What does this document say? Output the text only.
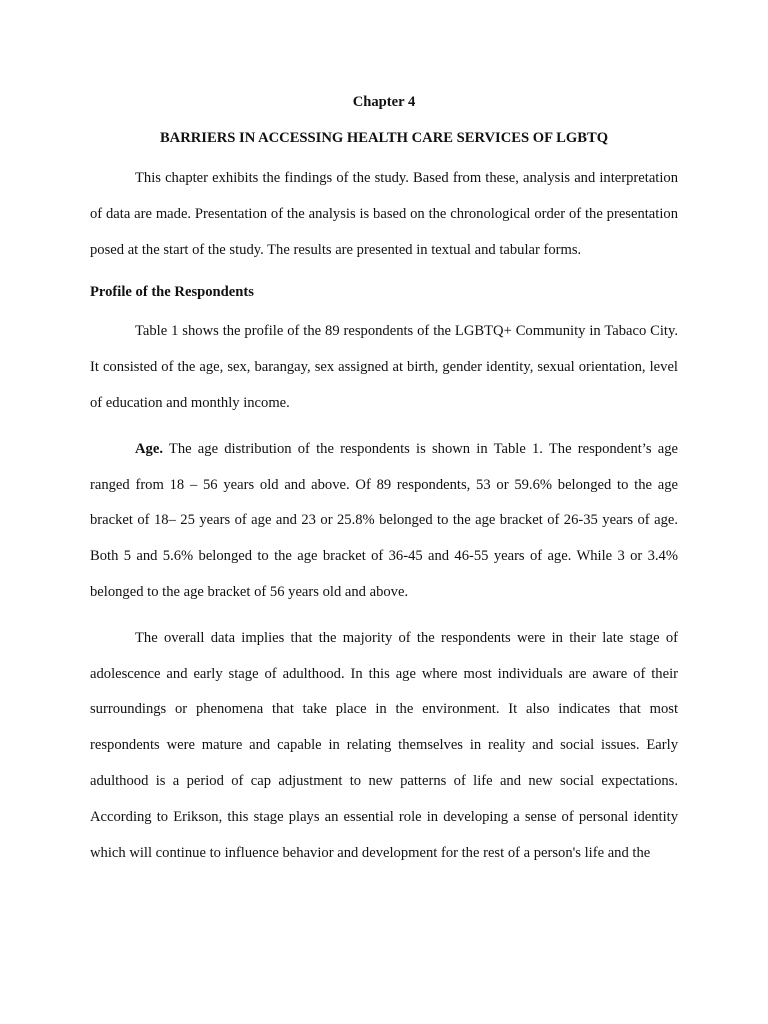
Chapter 4
BARRIERS IN ACCESSING HEALTH CARE SERVICES OF LGBTQ

This chapter exhibits the findings of the study. Based from these, analysis and interpretation of data are made. Presentation of the analysis is based on the chronological order of the presentation posed at the start of the study. The results are presented in textual and tabular forms.

Profile of the Respondents

Table 1 shows the profile of the 89 respondents of the LGBTQ+ Community in Tabaco City. It consisted of the age, sex, barangay, sex assigned at birth, gender identity, sexual orientation, level of education and monthly income.

Age. The age distribution of the respondents is shown in Table 1. The respondent’s age ranged from 18 – 56 years old and above. Of 89 respondents, 53 or 59.6% belonged to the age bracket of 18– 25 years of age and 23 or 25.8% belonged to the age bracket of 26-35 years of age. Both 5 and 5.6% belonged to the age bracket of 36-45 and 46-55 years of age. While 3 or 3.4% belonged to the age bracket of 56 years old and above.

The overall data implies that the majority of the respondents were in their late stage of adolescence and early stage of adulthood. In this age where most individuals are aware of their surroundings or phenomena that take place in the environment. It also indicates that most respondents were mature and capable in relating themselves in reality and social issues. Early adulthood is a period of cap adjustment to new patterns of life and new social expectations. According to Erikson, this stage plays an essential role in developing a sense of personal identity which will continue to influence behavior and development for the rest of a person's life and the
